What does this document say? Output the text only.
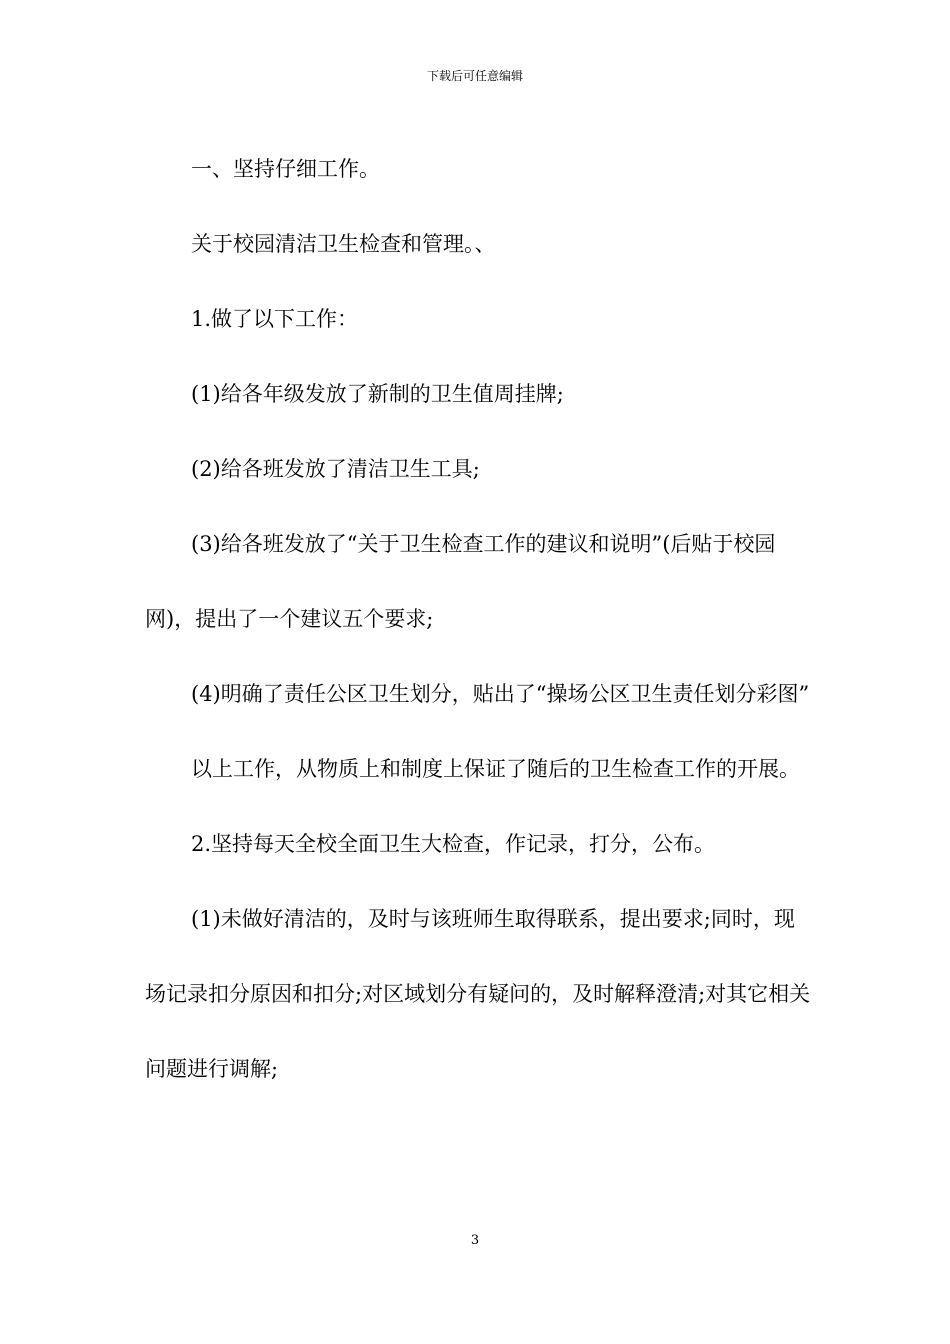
下载后可任意编辑

一、坚持仔细工作。

关于校园清洁卫生检查和管理。、

1.做了以下工作：

(1)给各年级发放了新制的卫生值周挂牌;

(2)给各班发放了清洁卫生工具;

(3)给各班发放了“关于卫生检查工作的建议和说明”(后贴于校园网)，提出了一个建议五个要求;

(4)明确了责任公区卫生划分，贴出了“操场公区卫生责任划分彩图”

以上工作，从物质上和制度上保证了随后的卫生检查工作的开展。

2.坚持每天全校全面卫生大检查，作记录，打分，公布。

(1)未做好清洁的，及时与该班师生取得联系，提出要求;同时，现场记录扣分原因和扣分;对区域划分有疑问的，及时解释澄清;对其它相关问题进行调解;

3
